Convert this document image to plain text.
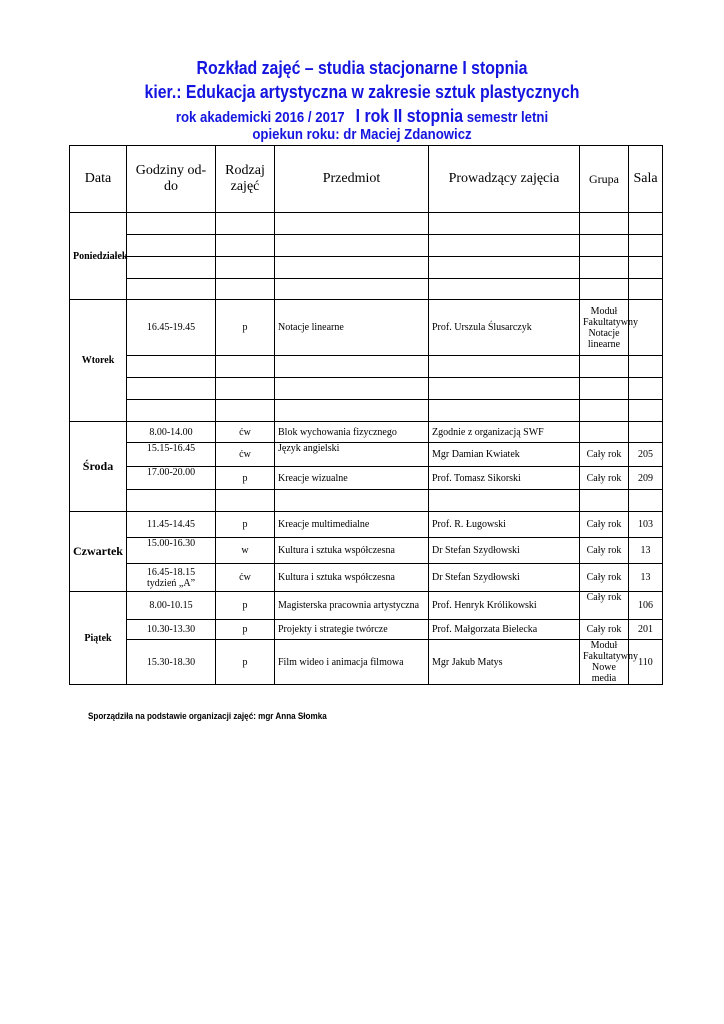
Rozkład zajęć – studia stacjonarne I stopnia
kier.: Edukacja artystyczna w zakresie sztuk plastycznych
rok akademicki 2016 / 2017 I rok II stopnia semestr letni
opiekun roku: dr Maciej Zdanowicz
Data	Godziny od-do	Rodzaj zajęć	Przedmiot	Prowadzący zajęcia	Grupa	Sala
Poniedziałek						

Wtorek	16.45-19.45	p	Notacje linearne	Prof. Urszula Ślusarczyk	Moduł Fakultatywny Notacje linearne	

Środa	8.00-14.00	ćw	Blok wychowania fizycznego	Zgodnie z organizacją SWF		
	15.15-16.45	ćw	Język angielski	Mgr Damian Kwiatek	Cały rok	205
	17.00-20.00	p	Kreacje wizualne	Prof. Tomasz Sikorski	Cały rok	209

Czwartek	11.45-14.45	p	Kreacje multimedialne	Prof. R. Ługowski	Cały rok	103
	15.00-16.30	w	Kultura i sztuka współczesna	Dr Stefan Szydłowski	Cały rok	13
	16.45-18.15 tydzień „A”	ćw	Kultura i sztuka współczesna	Dr Stefan Szydłowski	Cały rok	13
Piątek	8.00-10.15	p	Magisterska pracownia artystyczna	Prof. Henryk Królikowski	Cały rok	106
	10.30-13.30	p	Projekty i strategie twórcze	Prof. Małgorzata Bielecka	Cały rok	201
	15.30-18.30	p	Film wideo i animacja filmowa	Mgr Jakub Matys	Moduł Fakultatywny Nowe media	110
Sporządziła na podstawie organizacji zajęć: mgr Anna Słomka
